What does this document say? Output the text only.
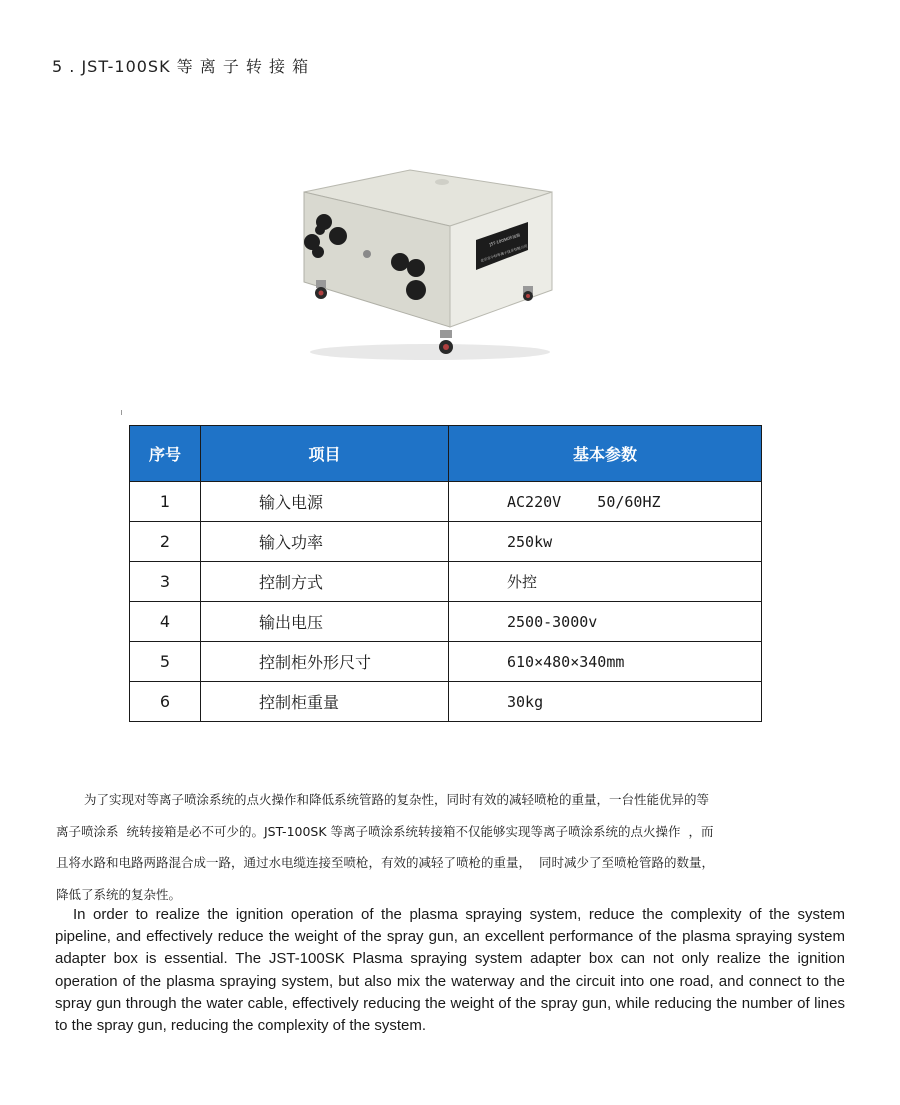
5 . JST-100SK 等 离 子 转 接 箱
JST-100SK转接箱
北京京中科等离子技术有限公司
序号	项目	基本参数
1	输入电源	AC220V    50/60HZ
2	输入功率	250kw
3	控制方式	外控
4	输出电压	2500-3000v
5	控制柜外形尺寸	610×480×340mm
6	控制柜重量	30kg

为了实现对等离子喷涂系统的点火操作和降低系统管路的复杂性，同时有效的减轻喷枪的重量，一台性能优异的等

离子喷涂系  统转接箱是必不可少的。JST-100SK 等离子喷涂系统转接箱不仅能够实现等离子喷涂系统的点火操作  ，而

且将水路和电路两路混合成一路，通过水电缆连接至喷枪，有效的减轻了喷枪的重量，  同时减少了至喷枪管路的数量，

降低了系统的复杂性。

In order to realize the ignition operation of the plasma spraying system, reduce the complexity of the system pipeline, and effectively reduce the weight of the spray gun, an excellent performance of the plasma spraying system adapter box is essential. The JST-100SK Plasma spraying system adapter box can not only realize the ignition operation of the plasma spraying system, but also mix the waterway and the circuit into one road, and connect to the spray gun through the water cable, effectively reducing the weight of the spray gun, while reducing the number of lines to the spray gun, reducing the complexity of the system.
